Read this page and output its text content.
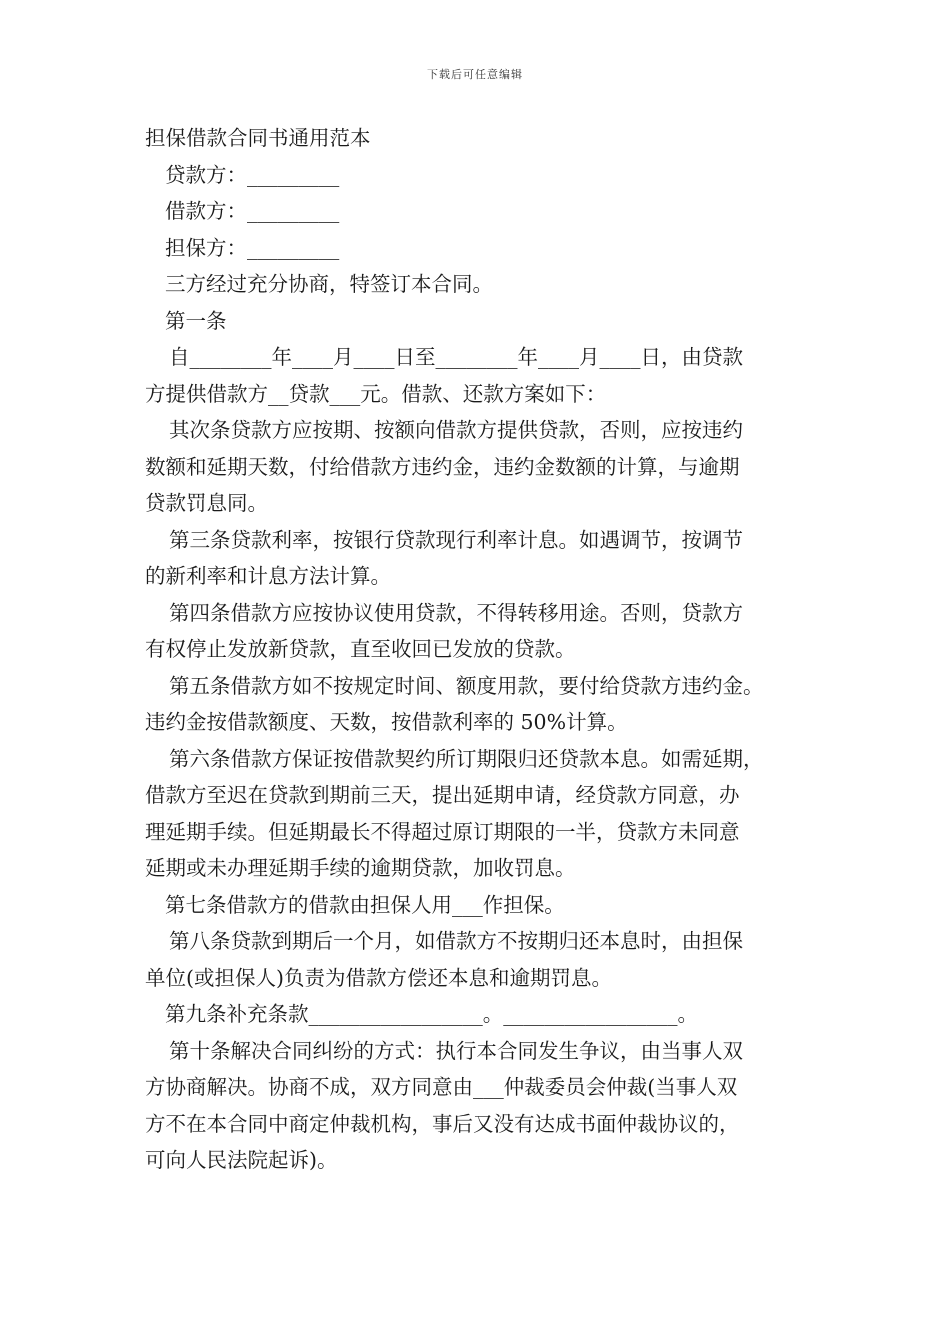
下载后可任意编辑
担保借款合同书通用范本
贷款方：_________
借款方：_________
担保方：_________
三方经过充分协商，特签订本合同。
第一条
自________年____月____日至________年____月____日，由贷款
方提供借款方__贷款___元。借款、还款方案如下：
其次条贷款方应按期、按额向借款方提供贷款，否则，应按违约
数额和延期天数，付给借款方违约金，违约金数额的计算，与逾期
贷款罚息同。
第三条贷款利率，按银行贷款现行利率计息。如遇调节，按调节
的新利率和计息方法计算。
第四条借款方应按协议使用贷款，不得转移用途。否则，贷款方
有权停止发放新贷款，直至收回已发放的贷款。
第五条借款方如不按规定时间、额度用款，要付给贷款方违约金。
违约金按借款额度、天数，按借款利率的 50%计算。
第六条借款方保证按借款契约所订期限归还贷款本息。如需延期，
借款方至迟在贷款到期前三天，提出延期申请，经贷款方同意，办
理延期手续。但延期最长不得超过原订期限的一半，贷款方未同意
延期或未办理延期手续的逾期贷款，加收罚息。
第七条借款方的借款由担保人用___作担保。
第八条贷款到期后一个月，如借款方不按期归还本息时，由担保
单位(或担保人)负责为借款方偿还本息和逾期罚息。
第九条补充条款_________________。_________________。
第十条解决合同纠纷的方式：执行本合同发生争议，由当事人双
方协商解决。协商不成，双方同意由___仲裁委员会仲裁(当事人双
方不在本合同中商定仲裁机构，事后又没有达成书面仲裁协议的，
可向人民法院起诉)。
